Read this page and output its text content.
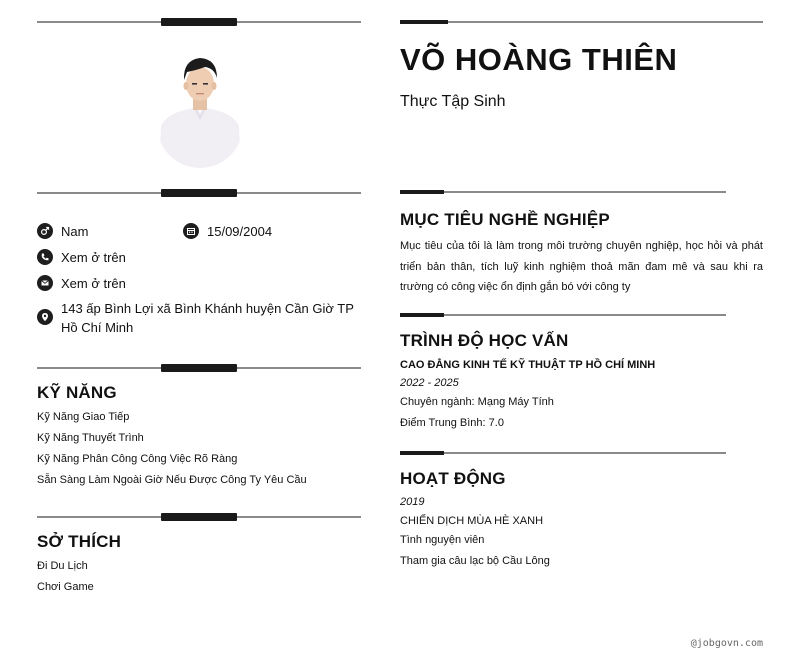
Nam	15/09/2004
Xem ở trên
Xem ở trên
143 ấp Bình Lợi xã Bình Khánh huyện Cần Giờ TP Hồ Chí Minh
KỸ NĂNG
Kỹ Năng Giao Tiếp
Kỹ Năng Thuyết Trình
Kỹ Năng Phân Công Công Việc Rõ Ràng
Sẵn Sàng Làm Ngoài Giờ Nếu Được Công Ty Yêu Cầu
SỞ THÍCH
Đi Du Lịch
Chơi Game
VÕ HOÀNG THIÊN
Thực Tập Sinh
MỤC TIÊU NGHỀ NGHIỆP
Mục tiêu của tôi là làm trong môi trường chuyên nghiệp, học hỏi và phát triển bản thân, tích luỹ kinh nghiệm thoả mãn đam mê và sau khi ra trường có công việc ổn định gắn bó với công ty
TRÌNH ĐỘ HỌC VẤN
CAO ĐẲNG KINH TẾ KỸ THUẬT TP HỒ CHÍ MINH
2022 - 2025
Chuyên ngành: Mạng Máy Tính
Điểm Trung Bình: 7.0
HOẠT ĐỘNG
2019
CHIẾN DỊCH MÙA HÈ XANH
Tình nguyện viên
Tham gia câu lạc bộ Cầu Lông
@jobgovn.com
